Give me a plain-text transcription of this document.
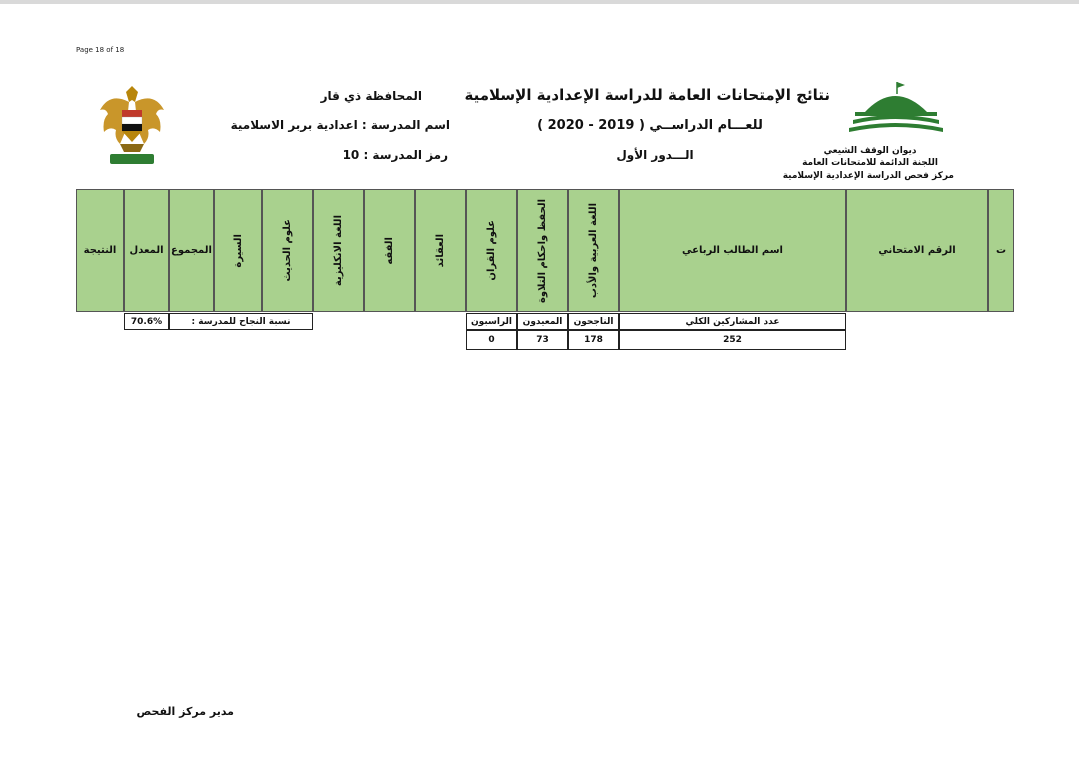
Page 18 of 18
نتائج الإمتحانات العامة للدراسة الإعدادية الإسلامية
للعـــام الدراســي ( 2019 - 2020 )
الـــدور الأول
المحافظة ذي قار
اسم المدرسة : اعدادية بربر الاسلامية
رمز المدرسة : 10	ديوان الوقف الشيعي
اللجنة الدائمة للامتحانات العامة
مركز فحص الدراسة الإعدادية الإسلامية
ت
الرقم الامتحاني
اسم الطالب الرباعي
اللغة العربية والأدب
الحفظ واحكام التلاوة
علوم القران
العقائد
الفقه
اللغة الانكليزية
علوم الحديث
السيرة
المجموع
المعدل
النتيجة
عدد المشاركين الكلي
الناجحون
المعيدون
الراسبون
252
178
73
0
نسبة النجاح للمدرسة :
70.6%
مدير مركز الفحص
